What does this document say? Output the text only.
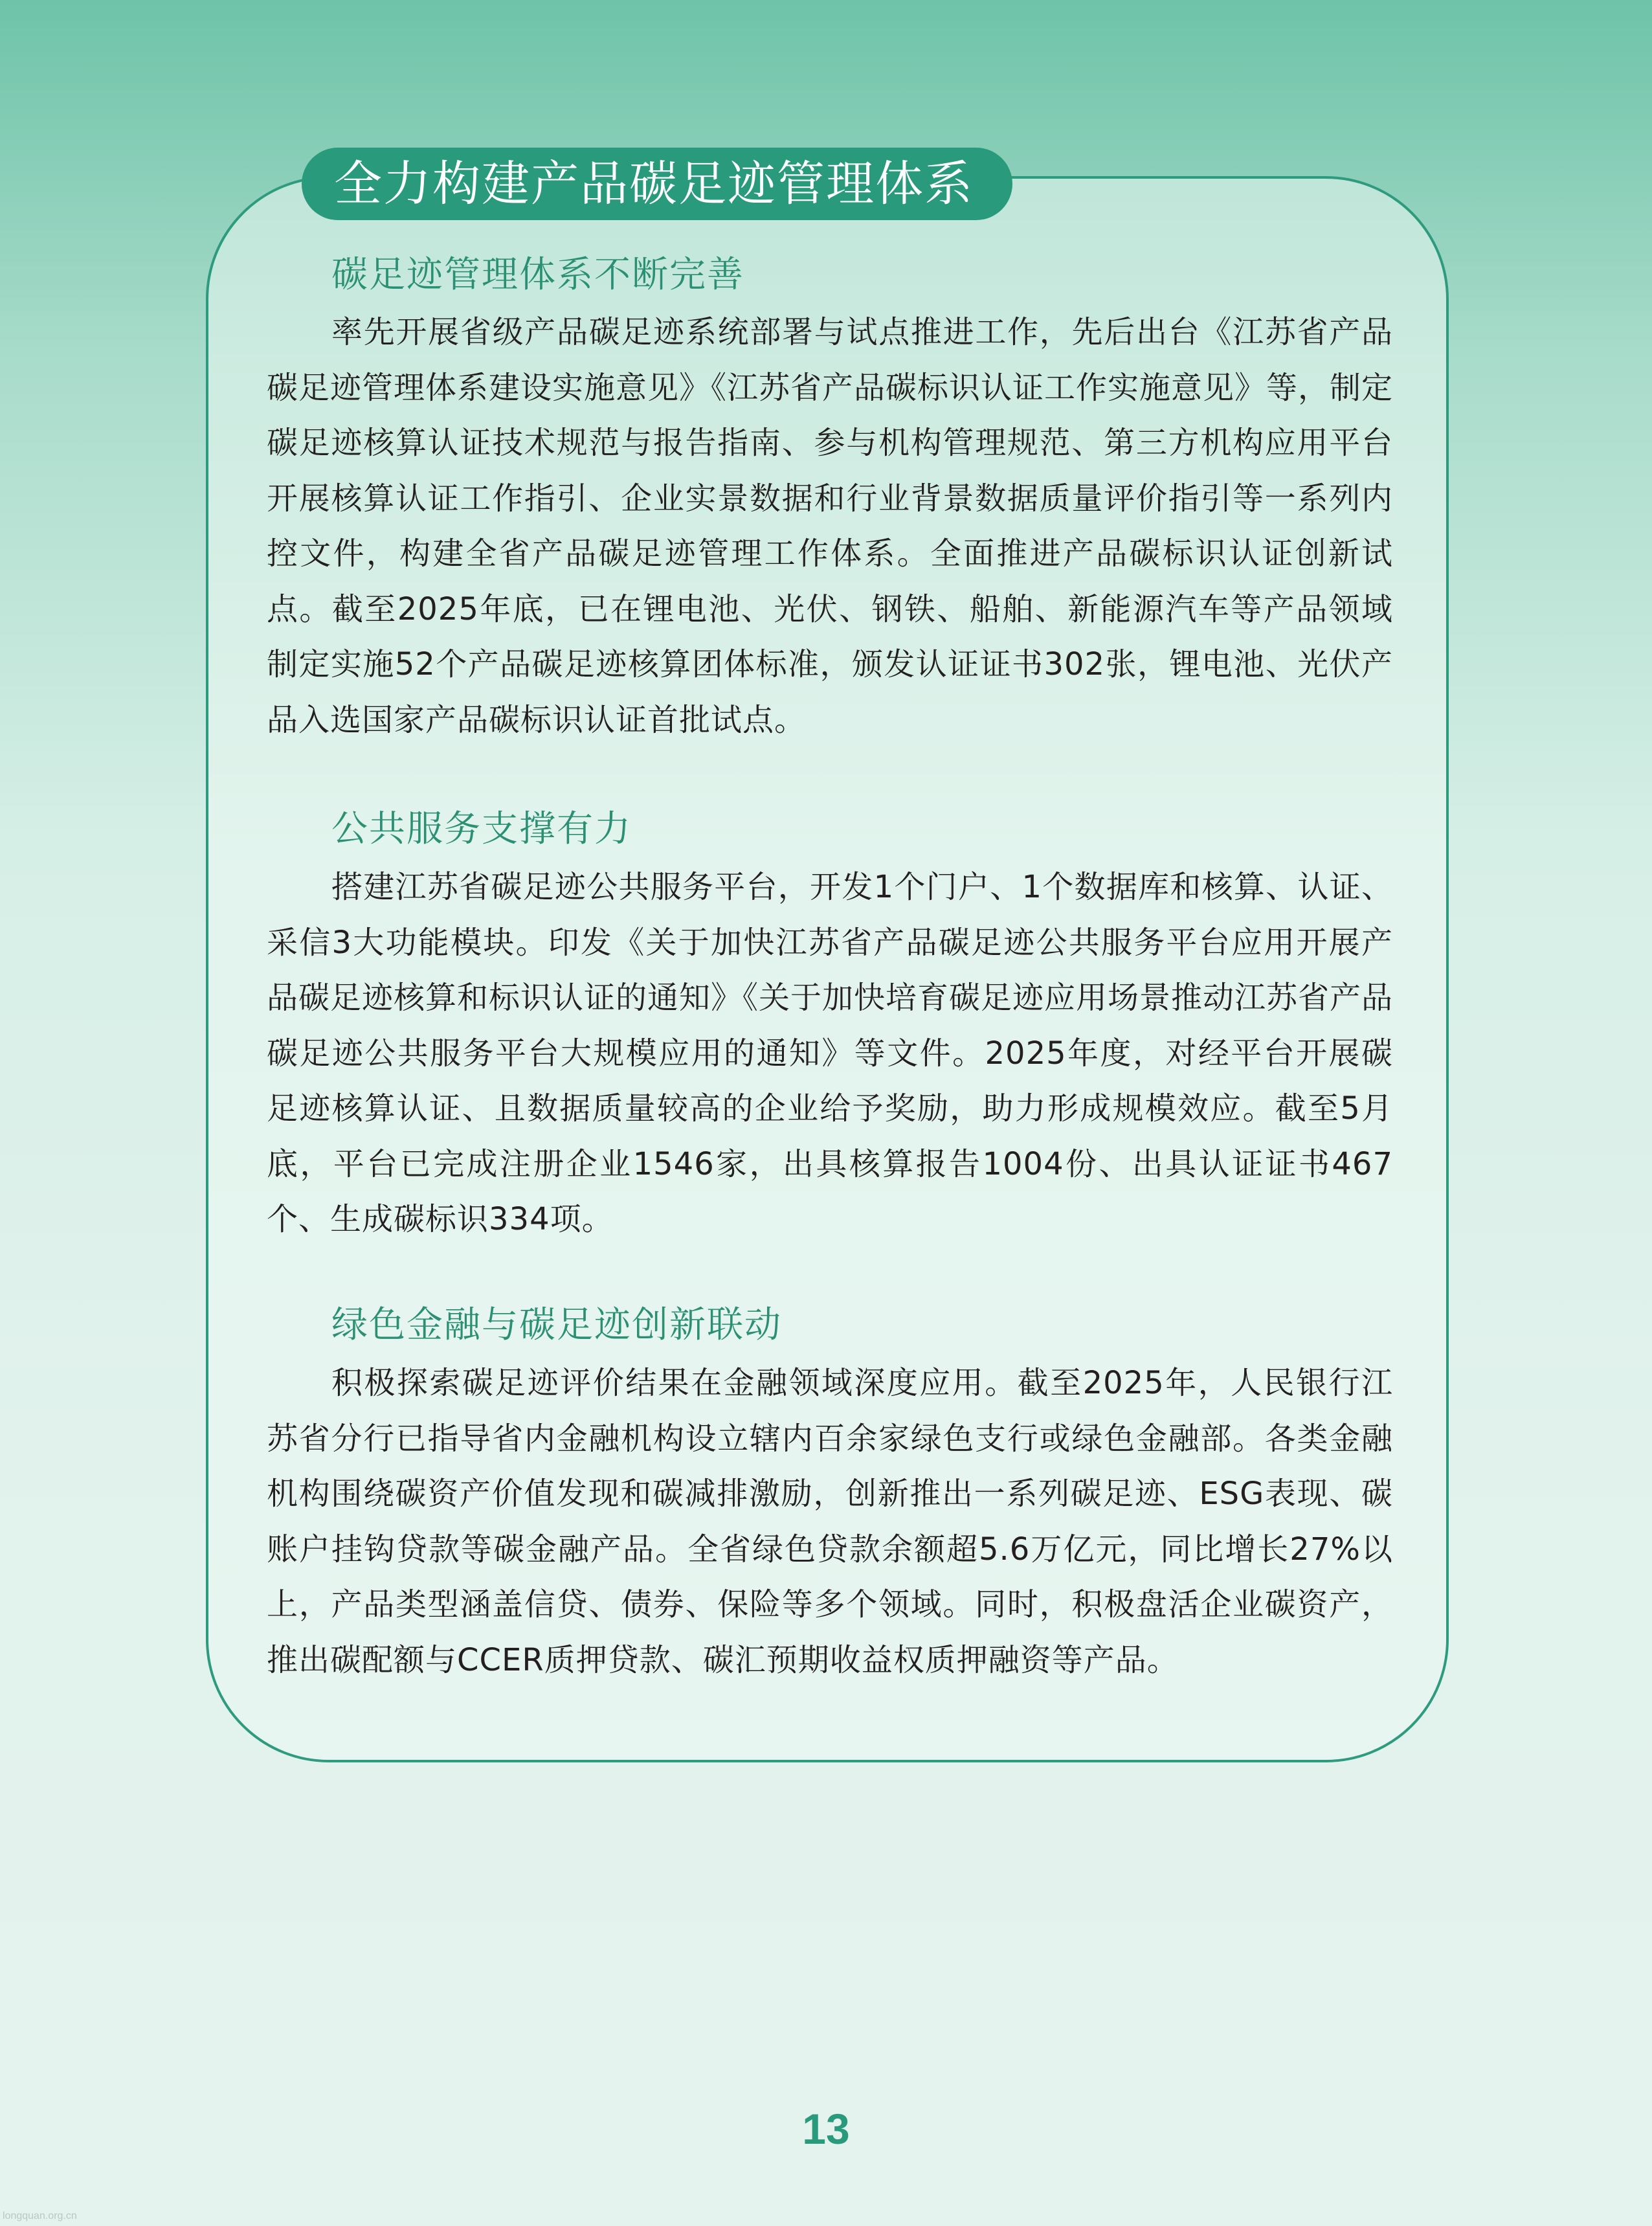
全力构建产品碳足迹管理体系
碳足迹管理体系不断完善

率先开展省级产品碳足迹系统部署与试点推进工作，先后出台《江苏省产品碳足迹管理体系建设实施意见》《江苏省产品碳标识认证工作实施意见》等，制定碳足迹核算认证技术规范与报告指南、参与机构管理规范、第三方机构应用平台开展核算认证工作指引、企业实景数据和行业背景数据质量评价指引等一系列内控文件，构建全省产品碳足迹管理工作体系。全面推进产品碳标识认证创新试点。截至2025年底，已在锂电池、光伏、钢铁、船舶、新能源汽车等产品领域制定实施52个产品碳足迹核算团体标准，颁发认证证书302张，锂电池、光伏产品入选国家产品碳标识认证首批试点。

公共服务支撑有力

搭建江苏省碳足迹公共服务平台，开发1个门户、1个数据库和核算、认证、采信3大功能模块。印发《关于加快江苏省产品碳足迹公共服务平台应用开展产品碳足迹核算和标识认证的通知》《关于加快培育碳足迹应用场景推动江苏省产品碳足迹公共服务平台大规模应用的通知》等文件。2025年度，对经平台开展碳足迹核算认证、且数据质量较高的企业给予奖励，助力形成规模效应。截至5月底，平台已完成注册企业1546家，出具核算报告1004份、出具认证证书467个、生成碳标识334项。

绿色金融与碳足迹创新联动

积极探索碳足迹评价结果在金融领域深度应用。截至2025年，人民银行江苏省分行已指导省内金融机构设立辖内百余家绿色支行或绿色金融部。各类金融机构围绕碳资产价值发现和碳减排激励，创新推出一系列碳足迹、ESG表现、碳账户挂钩贷款等碳金融产品。全省绿色贷款余额超5.6万亿元，同比增长27%以上，产品类型涵盖信贷、债券、保险等多个领域。同时，积极盘活企业碳资产，推出碳配额与CCER质押贷款、碳汇预期收益权质押融资等产品。

13
longquan.org.cn
